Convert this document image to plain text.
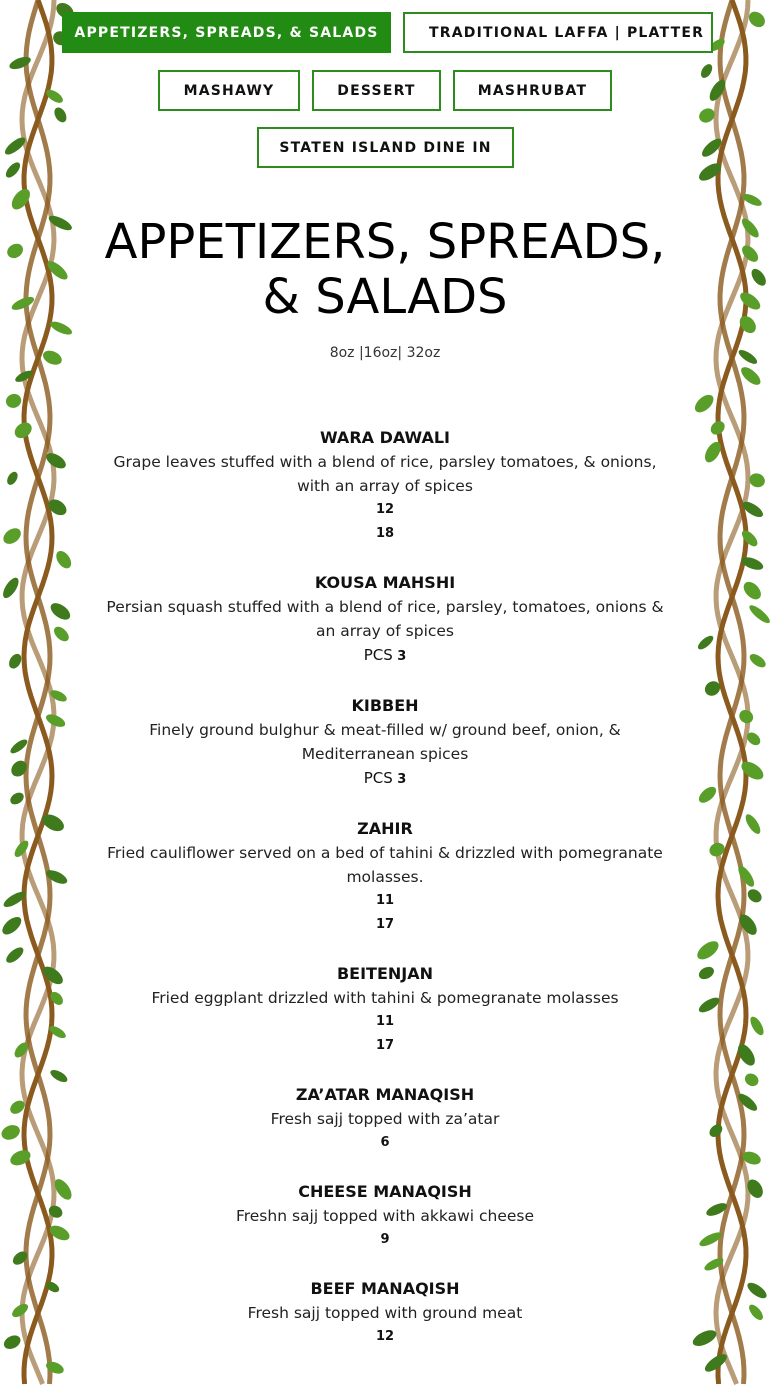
APPETIZERS, SPREADS, & SALADS	TRADITIONAL LAFFA | PLATTER
MASHAWY	DESSERT	MASHRUBAT
STATEN ISLAND DINE IN
APPETIZERS, SPREADS,
& SALADS
8oz |16oz| 32oz
WARA DAWALI
Grape leaves stuffed with a blend of rice, parsley tomatoes, & onions, with an array of spices
12
18
KOUSA MAHSHI
Persian squash stuffed with a blend of rice, parsley, tomatoes, onions & an array of spices
PCS 3
KIBBEH
Finely ground bulghur & meat-filled w/ ground beef, onion, & Mediterranean spices
PCS 3
ZAHIR
Fried cauliflower served on a bed of tahini & drizzled with pomegranate molasses.
11
17
BEITENJAN
Fried eggplant drizzled with tahini & pomegranate molasses
11
17
ZA’ATAR MANAQISH
Fresh sajj topped with za’atar
6
CHEESE MANAQISH
Freshn sajj topped with akkawi cheese
9
BEEF MANAQISH
Fresh sajj topped with ground meat
12
